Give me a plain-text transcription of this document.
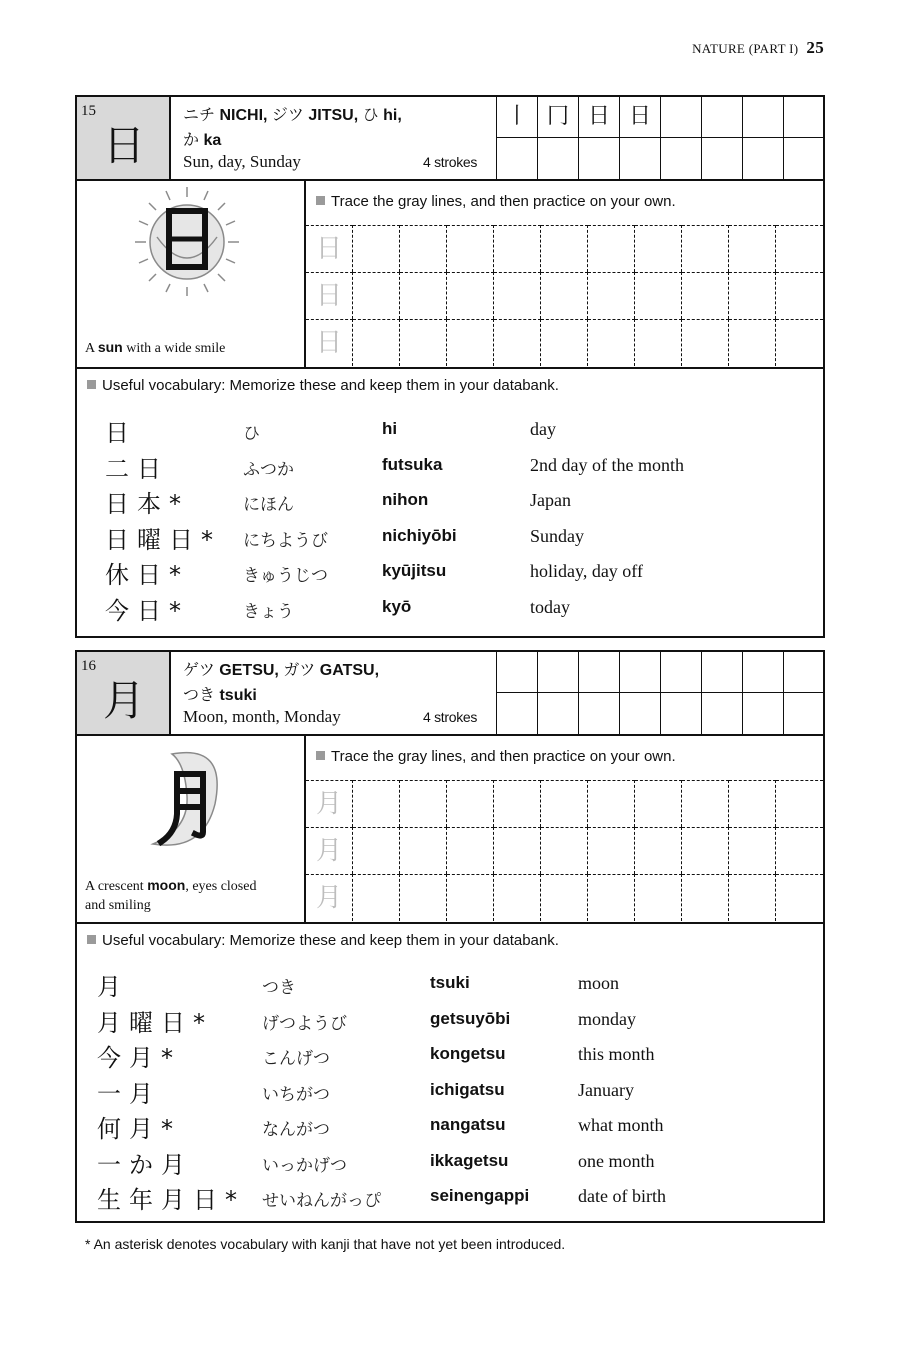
NATURE (PART I) 25
15
日
ニチ NICHI, ジツ JITSU, ひ hi,
か ka
Sun, day, Sunday	4 strokes
丨 冂 日 日
A sun with a wide smile
Trace the gray lines, and then practice on your own.
日
日
日
Useful vocabulary: Memorize these and keep them in your databank.
日	ひ	hi	day
二日	ふつか	futsuka	2nd day of the month
日本*	にほん	nihon	Japan
日曜日* にちようび	nichiyōbi	Sunday
休日*	きゅうじつ	kyūjitsu	holiday, day off
今日*	きょう	kyō	today
16
月
ゲツ GETSU, ガツ GATSU,
つき tsuki
Moon, month, Monday	4 strokes
A crescent moon, eyes closed
and smiling
Trace the gray lines, and then practice on your own.
月
月
月
Useful vocabulary: Memorize these and keep them in your databank.
月	つき	tsuki	moon
月曜日*	げつようび	getsuyōbi	monday
今月*	こんげつ	kongetsu	this month
一月	いちがつ	ichigatsu	January
何月*	なんがつ	nangatsu	what month
一か月	いっかげつ	ikkagetsu	one month
生年月日* せいねんがっぴ	seinengappi	date of birth
* An asterisk denotes vocabulary with kanji that have not yet been introduced.
